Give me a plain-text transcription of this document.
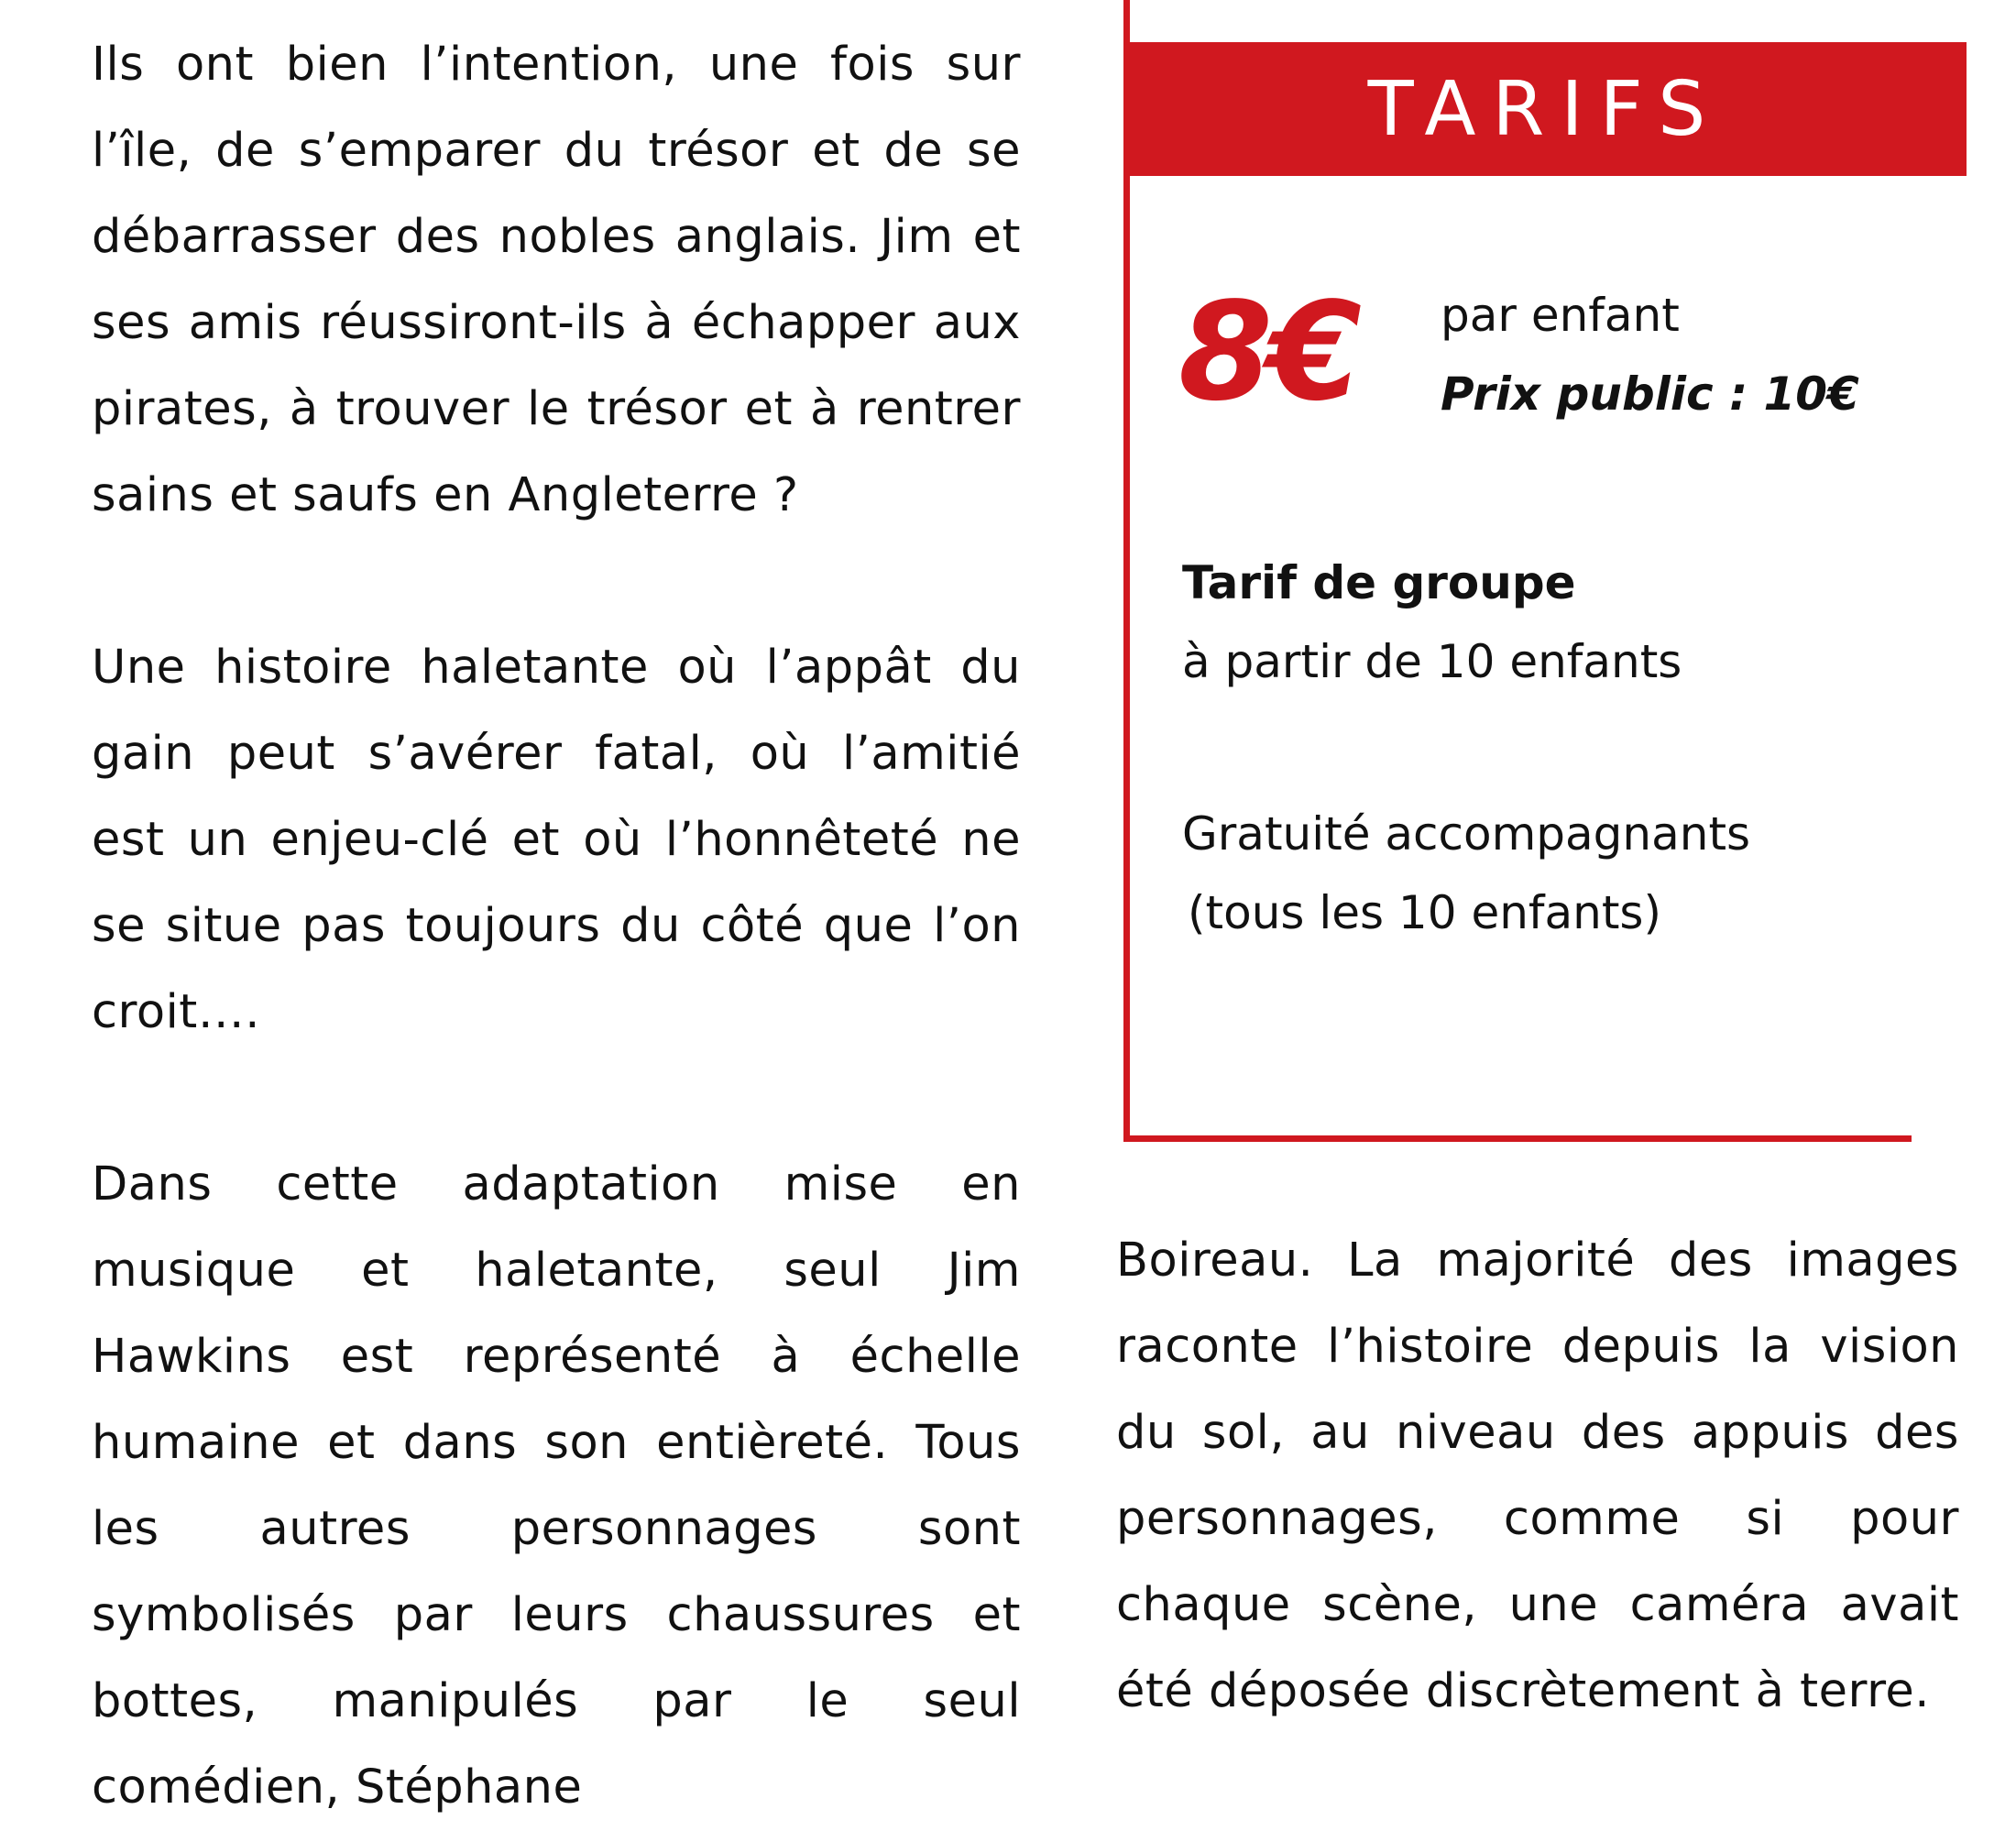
Ils ont bien l’intention, une fois sur l’île, de s’emparer du trésor et de se débarrasser des nobles anglais. Jim et ses amis réussiront-ils à échapper aux pirates, à trouver le trésor et à rentrer sains et saufs en Angleterre ?

Une histoire haletante où l’appât du gain peut s’avérer fatal, où l’amitié est un enjeu-clé et où l’honnêteté ne se situe pas toujours du côté que l’on croit….

Dans cette adaptation mise en musique et haletante, seul Jim Hawkins est représenté à échelle humaine et dans son entièreté. Tous les autres personnages sont symbolisés par leurs chaussures et bottes, manipulés par le seul comédien, Stéphane

TARIFS
8€ par enfant
Prix public : 10€
Tarif de groupe
à partir de 10 enfants
Gratuité accompagnants
(tous les 10 enfants)

Boireau. La majorité des images raconte l’histoire depuis la vision du sol, au niveau des appuis des personnages, comme si pour chaque scène, une caméra avait été déposée discrètement à terre.
